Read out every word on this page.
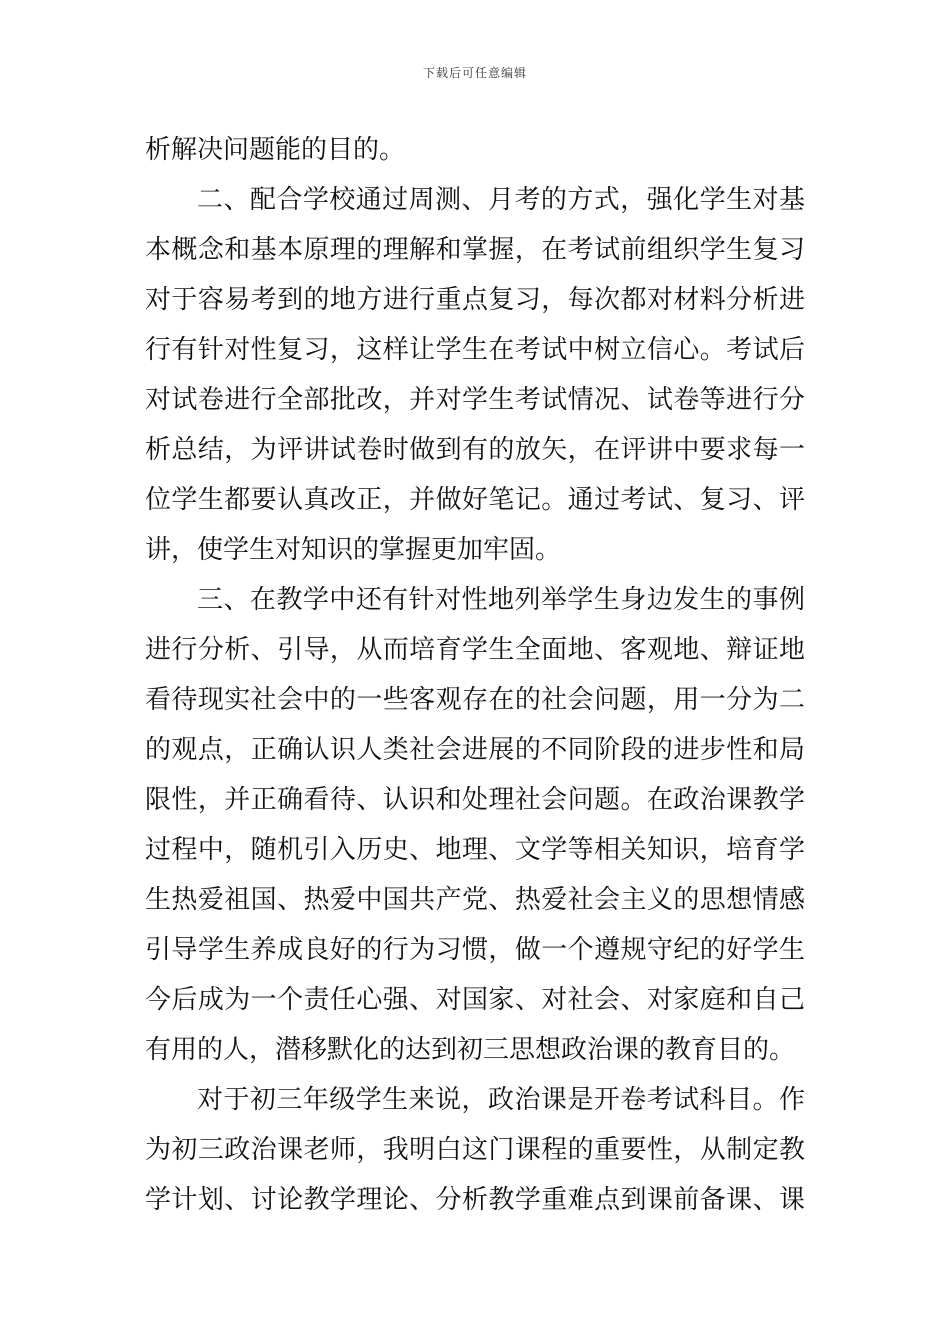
下载后可任意编辑
析解决问题能的目的。
二、配合学校通过周测、月考的方式，强化学生对基
本概念和基本原理的理解和掌握，在考试前组织学生复习
对于容易考到的地方进行重点复习，每次都对材料分析进
行有针对性复习，这样让学生在考试中树立信心。考试后
对试卷进行全部批改，并对学生考试情况、试卷等进行分
析总结，为评讲试卷时做到有的放矢，在评讲中要求每一
位学生都要认真改正，并做好笔记。通过考试、复习、评
讲，使学生对知识的掌握更加牢固。
三、在教学中还有针对性地列举学生身边发生的事例
进行分析、引导，从而培育学生全面地、客观地、辩证地
看待现实社会中的一些客观存在的社会问题，用一分为二
的观点，正确认识人类社会进展的不同阶段的进步性和局
限性，并正确看待、认识和处理社会问题。在政治课教学
过程中，随机引入历史、地理、文学等相关知识，培育学
生热爱祖国、热爱中国共产党、热爱社会主义的思想情感
引导学生养成良好的行为习惯，做一个遵规守纪的好学生
今后成为一个责任心强、对国家、对社会、对家庭和自己
有用的人，潜移默化的达到初三思想政治课的教育目的。
对于初三年级学生来说，政治课是开卷考试科目。作
为初三政治课老师，我明白这门课程的重要性，从制定教
学计划、讨论教学理论、分析教学重难点到课前备课、课
